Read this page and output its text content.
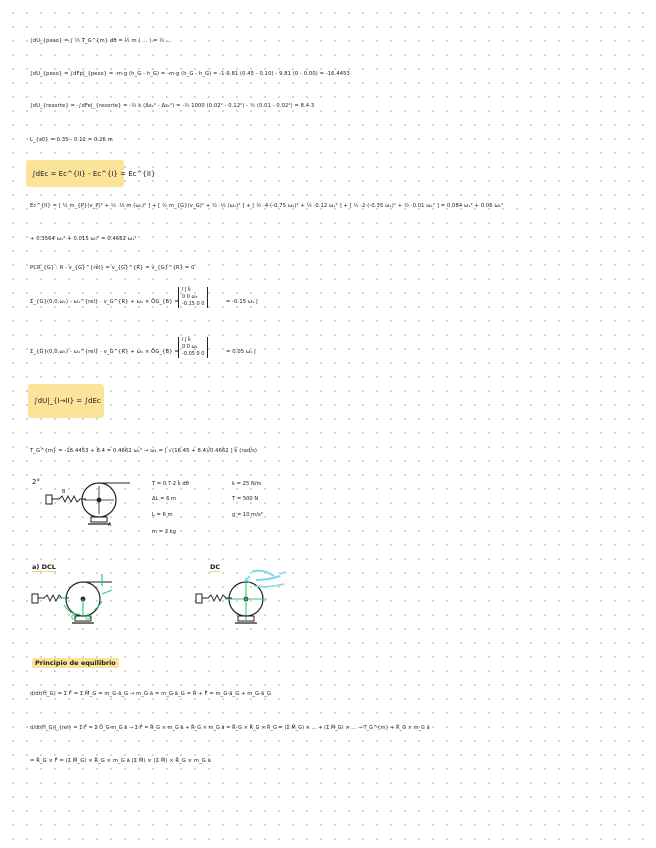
∫dU_{peso} = ∫ ½ T_G^{m} dθ = ½ m ( ... ) = ½ ...
∫dU_{peso} = ∫dFp|_{peso} = -m·g (h_G - h_G) = -m·g (h_G - h_G) = -1·9.81 (0.45 - 0.10) - 9.81 (0 - 0.00) = -16.4453
∫dU_{resorte} = -∫dFe|_{resorte} = -½ k (Δs₂² - Δs₁²) = -½ 1000 (0.02² - 0.12²) - ½ (0.01 - 0.02²) = 8.4·3
L_{s0} = 0.35 - 0.12 = 0.26 m
∫dEc = Ec^{II} - Ec^{I} = Ec^{II}
Ec^{II} = [ ½ m_{P}(v_P)² + ½ ·⅓ m (ω₁)² ] + [ ½ m_{G}(v_G)² + ½ ·⅓ (ω₁)² ] + [ ½ ·4·(-0.75 ω₁)² + ½ ·0.12 ω₁² ] + [ ½ ·2·(-0.35 ω₁)² + ½ ·0.01 ω₁² ] = 0.084 ω₁² + 0.06 ω₁²
+ 0.3564 ω₁² + 0.015 ω₁² = 0.4662 ω₁²
PCR_{G} : R - v_{G}^{rel} = v_{G}^{R} = v_{G}^{R} = 0
Σ̄_{G}(0,0,ω₁) - ω₁^{rel} · v_G^{R} + ω₁ × ŌG_{B} =
ī j̄ k̄
0 0 ω₁
-0.15 0 0	= -0.15 ω₁ j̄
Σ̄_{G}(0,0,ω₁) - ω₁^{rel} · v_G^{R} + ω₁ × ŌG_{B} =
ī j̄ k̄
0 0 ω₁
-0.05 0 0	= 0.05 ω₁ j̄
∫dU|_{I→II} = ∫dEc
T_G^{m} = -16.4453 + 8.4 = 0.4662 ω₁² → ω₁ = [ √(16.45 + 8.4)/0.4662 ] k̄ (rad/s)
2°
B
A
T = 0.7·2 k̄ dθ
ΔL = 6 m
L = 6 m
m = 2 kg
k = 25 N/m
T = 500 N
g = 10 m/s²
a) DCL	DC
Principio de equilibrio
d/dt(H̄_G) = Σ F̄ = Σ M̄_G = m_G·ā_G → m_G·ā = m_G·ā_G = R̄ + F̄ = m_G·ā_G + m_G·ā_G
d/dt(H̄_G)|_{rel} = Σ F̄ = Σ Ō_G·m_G ā → Σ F̄ = R̄_G × m_G ā + R̄_G × m_G ā = R̄_G × R̄_G × R̄_G = (Σ M̄_G) × ... + (Σ M̄_G) × ... → T_G^{m} + R̄_G × m_G ā
= R̄_G × F̄ = (Σ M̄_G) × R̄_G × m_G ā (Σ M̄) × (Σ M̄) × R̄_G × m_G ā
